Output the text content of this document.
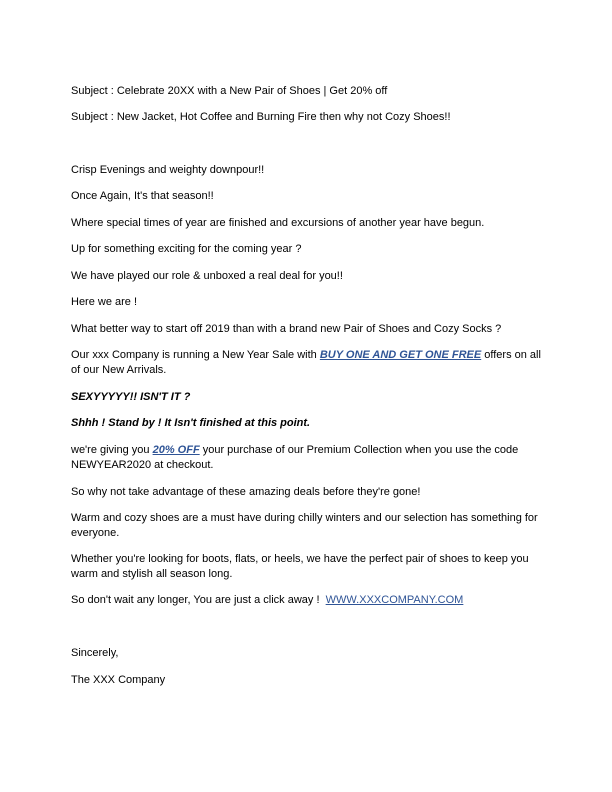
Subject : Celebrate 20XX with a New Pair of Shoes | Get 20% off

Subject : New Jacket, Hot Coffee and Burning Fire then why not Cozy Shoes!!

Crisp Evenings and weighty downpour!!

Once Again, It's that season!!

Where special times of year are finished and excursions of another year have begun.

Up for something exciting for the coming year ?

We have played our role & unboxed a real deal for you!!

Here we are !

What better way to start off 2019 than with a brand new Pair of Shoes and Cozy Socks ?

Our xxx Company is running a New Year Sale with BUY ONE AND GET ONE FREE offers on all of our New Arrivals.

SEXYYYYY!! ISN'T IT ?

Shhh ! Stand by ! It Isn't finished at this point.

we're giving you 20% OFF your purchase of our Premium Collection when you use the code NEWYEAR2020 at checkout.

So why not take advantage of these amazing deals before they're gone!

Warm and cozy shoes are a must have during chilly winters and our selection has something for everyone.

Whether you're looking for boots, flats, or heels, we have the perfect pair of shoes to keep you warm and stylish all season long.

So don't wait any longer, You are just a click away !  WWW.XXXCOMPANY.COM

Sincerely,

The XXX Company
